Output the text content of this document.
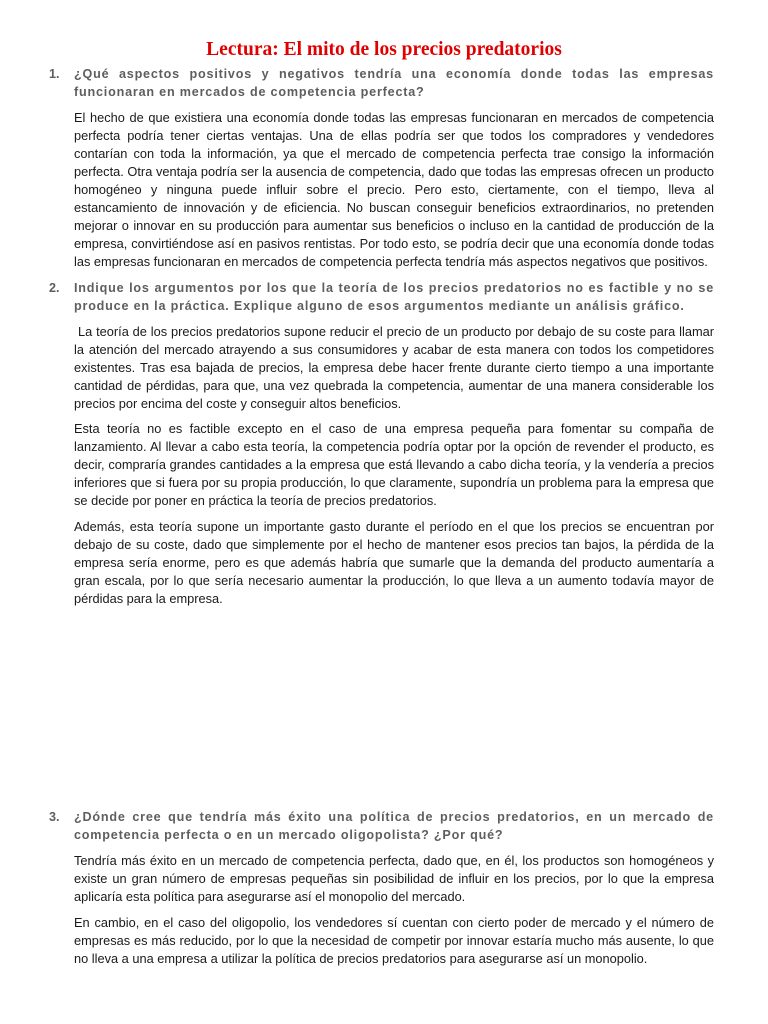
Lectura: El mito de los precios predatorios
1. ¿Qué aspectos positivos y negativos tendría una economía donde todas las empresas funcionaran en mercados de competencia perfecta?
El hecho de que existiera una economía donde todas las empresas funcionaran en mercados de competencia perfecta podría tener ciertas ventajas. Una de ellas podría ser que todos los compradores y vendedores contarían con toda la información, ya que el mercado de competencia perfecta trae consigo la información perfecta. Otra ventaja podría ser la ausencia de competencia, dado que todas las empresas ofrecen un producto homogéneo y ninguna puede influir sobre el precio. Pero esto, ciertamente, con el tiempo, lleva al estancamiento de innovación y de eficiencia. No buscan conseguir beneficios extraordinarios, no pretenden mejorar o innovar en su producción para aumentar sus beneficios o incluso en la cantidad de producción de la empresa, convirtiéndose así en pasivos rentistas. Por todo esto, se podría decir que una economía donde todas las empresas funcionaran en mercados de competencia perfecta tendría más aspectos negativos que positivos.
2. Indique los argumentos por los que la teoría de los precios predatorios no es factible y no se produce en la práctica. Explique alguno de esos argumentos mediante un análisis gráfico.
La teoría de los precios predatorios supone reducir el precio de un producto por debajo de su coste para llamar la atención del mercado atrayendo a sus consumidores y acabar de esta manera con todos los competidores existentes. Tras esa bajada de precios, la empresa debe hacer frente durante cierto tiempo a una importante cantidad de pérdidas, para que, una vez quebrada la competencia, aumentar de una manera considerable los precios por encima del coste y conseguir altos beneficios.
Esta teoría no es factible excepto en el caso de una empresa pequeña para fomentar su compaña de lanzamiento. Al llevar a cabo esta teoría, la competencia podría optar por la opción de revender el producto, es decir, compraría grandes cantidades a la empresa que está llevando a cabo dicha teoría, y la vendería a precios inferiores que si fuera por su propia producción, lo que claramente, supondría un problema para la empresa que se decide por poner en práctica la teoría de precios predatorios.
Además, esta teoría supone un importante gasto durante el período en el que los precios se encuentran por debajo de su coste, dado que simplemente por el hecho de mantener esos precios tan bajos, la pérdida de la empresa sería enorme, pero es que además habría que sumarle que la demanda del producto aumentaría a gran escala, por lo que sería necesario aumentar la producción, lo que lleva a un aumento todavía mayor de pérdidas para la empresa.
3. ¿Dónde cree que tendría más éxito una política de precios predatorios, en un mercado de competencia perfecta o en un mercado oligopolista? ¿Por qué?
Tendría más éxito en un mercado de competencia perfecta, dado que, en él, los productos son homogéneos y existe un gran número de empresas pequeñas sin posibilidad de influir en los precios, por lo que la empresa aplicaría esta política para asegurarse así el monopolio del mercado.
En cambio, en el caso del oligopolio, los vendedores sí cuentan con cierto poder de mercado y el número de empresas es más reducido, por lo que la necesidad de competir por innovar estaría mucho más ausente, lo que no lleva a una empresa a utilizar la política de precios predatorios para asegurarse así un monopolio.
